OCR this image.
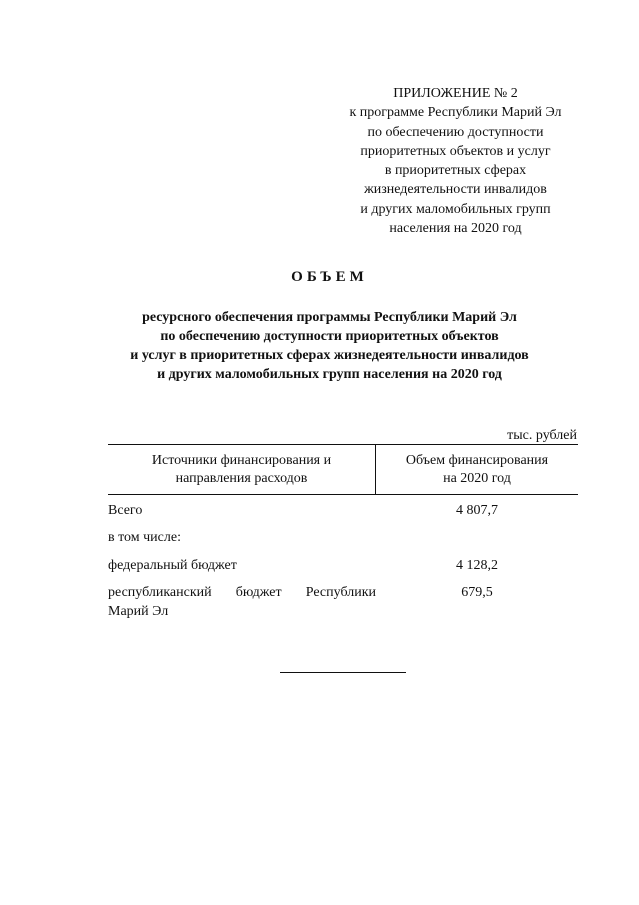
ПРИЛОЖЕНИЕ № 2
к программе Республики Марий Эл
по обеспечению доступности
приоритетных объектов и услуг
в приоритетных сферах
жизнедеятельности инвалидов
и других маломобильных групп
населения на 2020 год
ОБЪЕМ
ресурсного обеспечения программы Республики Марий Эл
по обеспечению доступности приоритетных объектов
и услуг в приоритетных сферах жизнедеятельности инвалидов
и других маломобильных групп населения на 2020 год
тыс. рублей
Источники финансирования и
направления расходов
Объем финансирования
на 2020 год
Всего	4 807,7
в том числе:
федеральный бюджет	4 128,2
республиканский бюджет Республики Марий Эл
679,5
